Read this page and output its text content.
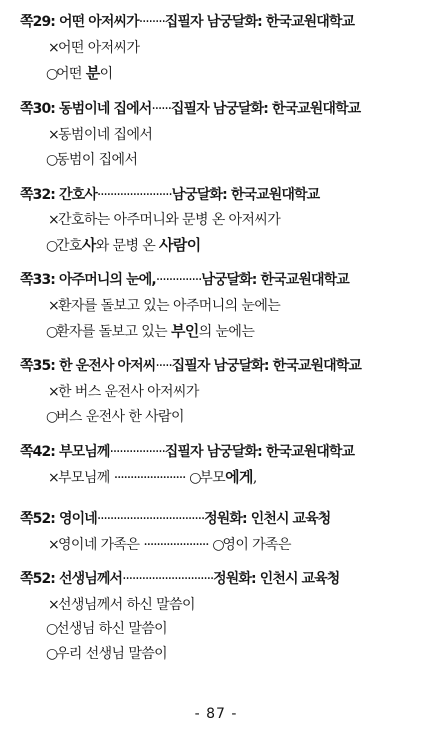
쪽29: 어떤 아저씨가········집필자 남궁달화: 한국교원대학교
×어떤 아저씨가
○어떤 분이
쪽30: 동범이네 집에서······집필자 남궁달화: 한국교원대학교
×동범이네 집에서
○동범이 집에서
쪽32: 간호사·······················남궁달화: 한국교원대학교
×간호하는 아주머니와 문병 온 아저씨가
○간호사와 문병 온 사람이
쪽33: 아주머니의 눈에,··············남궁달화: 한국교원대학교
×환자를 돌보고 있는 아주머니의 눈에는
○환자를 돌보고 있는 부인의 눈에는
쪽35: 한 운전사 아저씨·····집필자 남궁달화: 한국교원대학교
×한 버스 운전사 아저씨가
○버스 운전사 한 사람이
쪽42: 부모님께·················집필자 남궁달화: 한국교원대학교
×부모님께 ······················ ○부모에게,
쪽52: 영이네·································정원화: 인천시 교육청
×영이네 가족은 ···················· ○영이 가족은
쪽52: 선생님께서····························정원화: 인천시 교육청
×선생님께서 하신 말씀이
○선생님 하신 말씀이
○우리 선생님 말씀이
- 87 -
